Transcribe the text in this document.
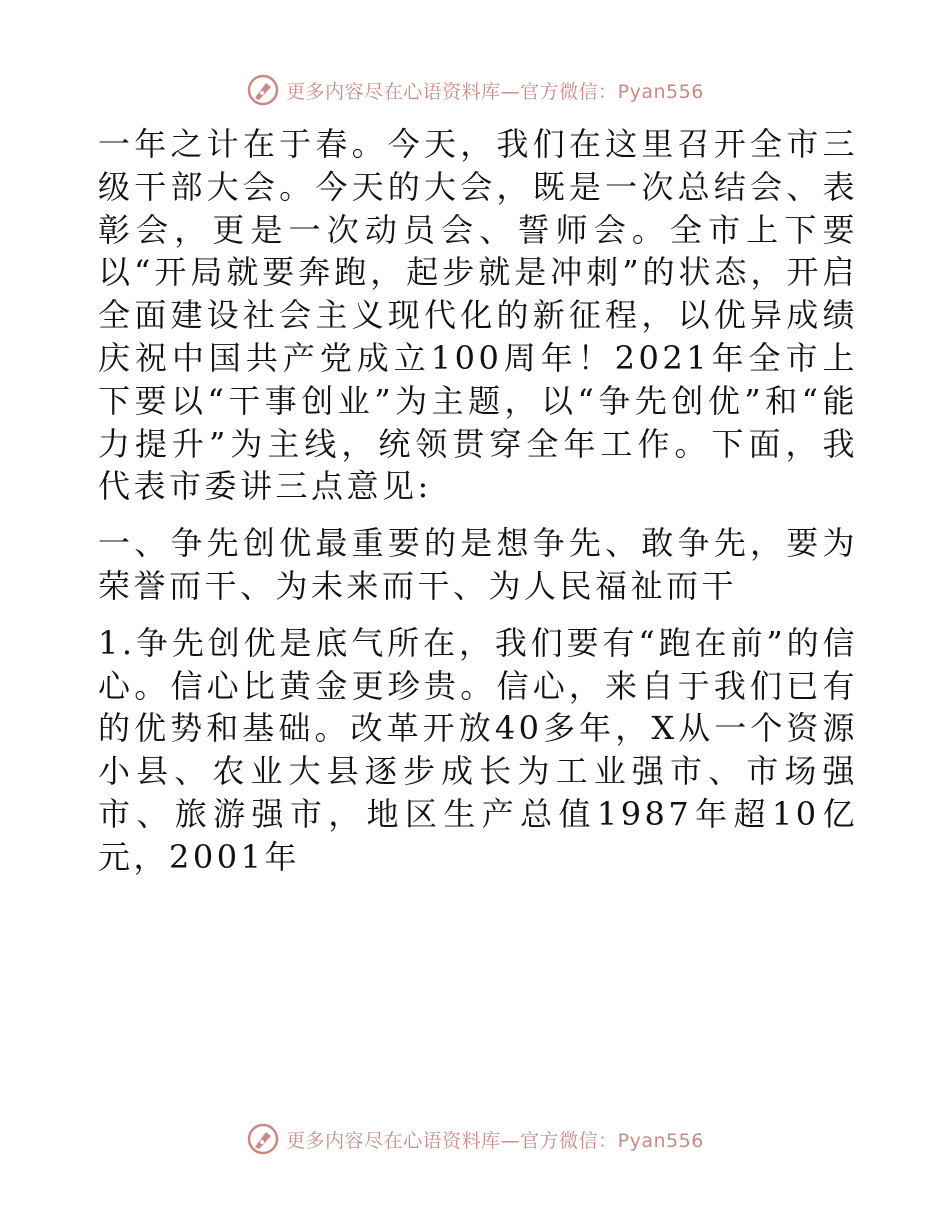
更多内容尽在心语资料库—官方微信：Pyan556

一年之计在于春。今天，我们在这里召开全市三级干部大会。今天的大会，既是一次总结会、表彰会，更是一次动员会、誓师会。全市上下要以“开局就要奔跑，起步就是冲刺”的状态，开启全面建设社会主义现代化的新征程，以优异成绩庆祝中国共产党成立100周年！2021年全市上下要以“干事创业”为主题，以“争先创优”和“能力提升”为主线，统领贯穿全年工作。下面，我代表市委讲三点意见:

一、争先创优最重要的是想争先、敢争先，要为荣誉而干、为未来而干、为人民福祉而干

1.争先创优是底气所在，我们要有“跑在前”的信心。信心比黄金更珍贵。信心，来自于我们已有的优势和基础。改革开放40多年，X从一个资源小县、农业大县逐步成长为工业强市、市场强市、旅游强市，地区生产总值1987年超10亿元，2001年

更多内容尽在心语资料库—官方微信：Pyan556
